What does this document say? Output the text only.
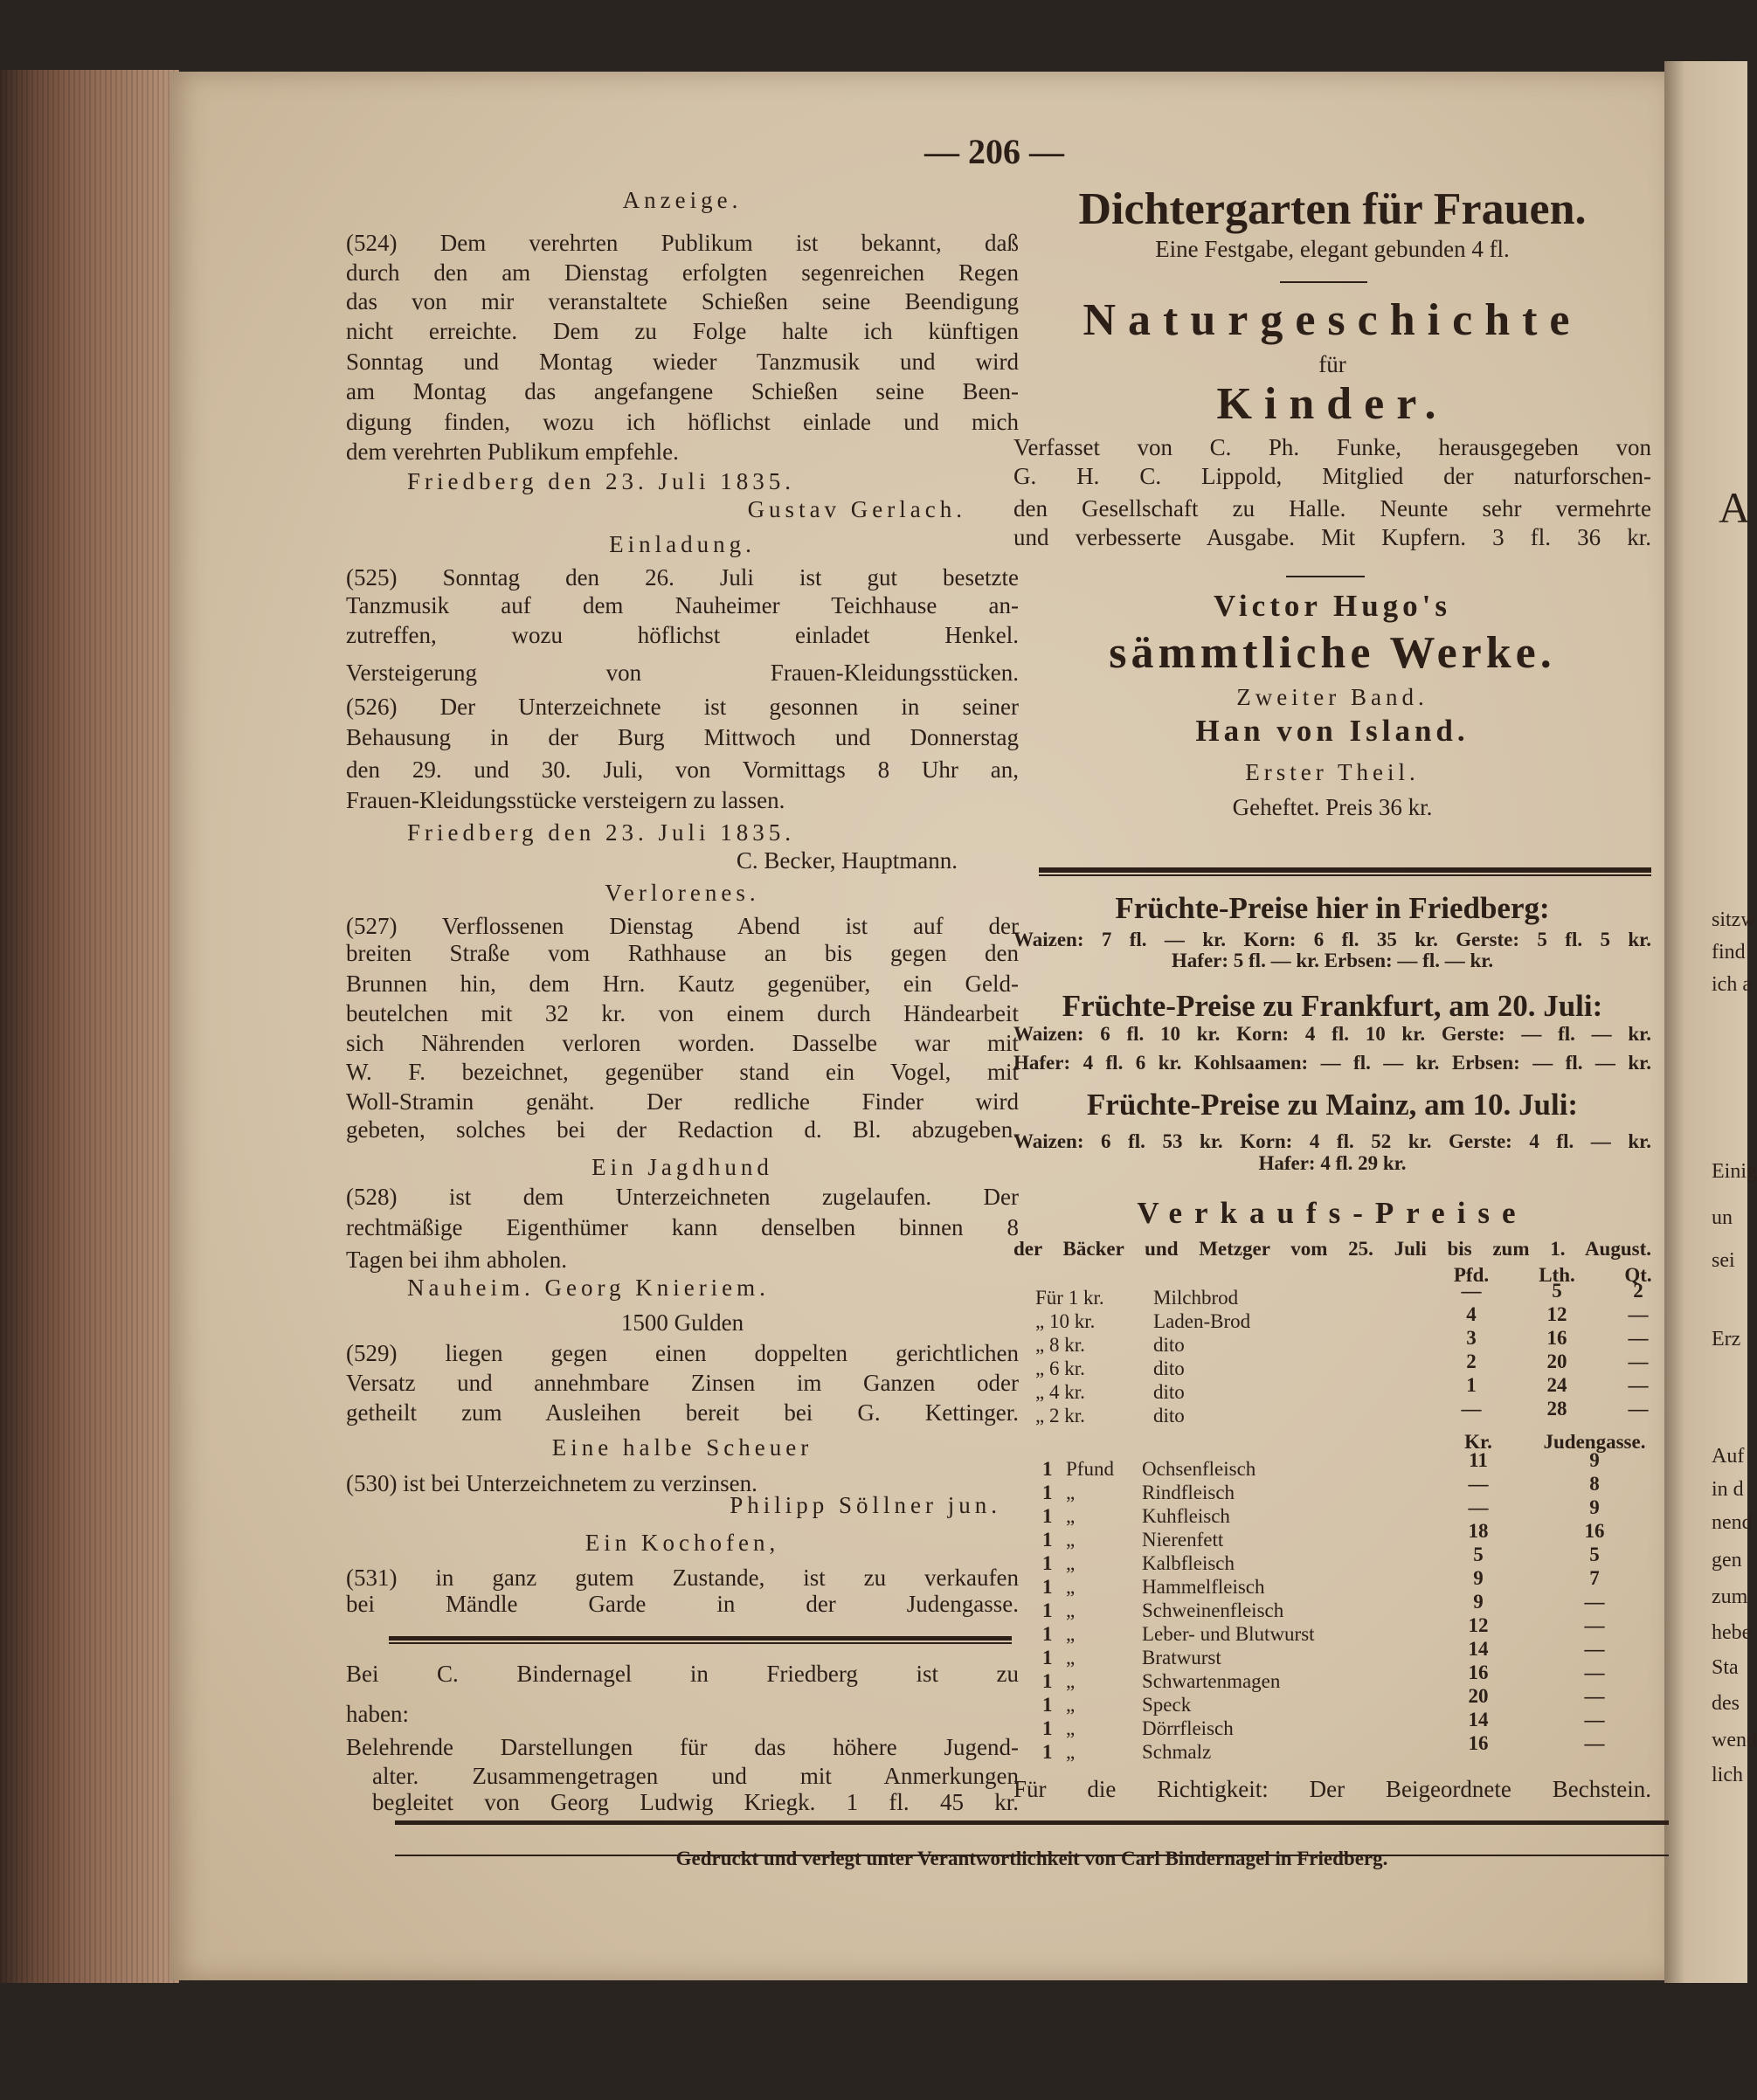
A
sitzw
find
ich a
Einig
un
sei
Erz
Auf
in d
nend
gen
zum
hebe
Sta
des
wend
lich
— 206 —
Anzeige.
(524) Dem verehrten Publikum ist bekannt, daß
durch den am Dienstag erfolgten segenreichen Regen
das von mir veranstaltete Schießen seine Beendigung
nicht erreichte. Dem zu Folge halte ich künftigen
Sonntag und Montag wieder Tanzmusik und wird
am Montag das angefangene Schießen seine Been-
digung finden, wozu ich höflichst einlade und mich
dem verehrten Publikum empfehle.
Friedberg den 23. Juli 1835.
Gustav Gerlach.
Einladung.
(525) Sonntag den 26. Juli ist gut besetzte
Tanzmusik auf dem Nauheimer Teichhause an-
zutreffen, wozu höflichst einladet Henkel.
Versteigerung von Frauen-Kleidungsstücken.
(526) Der Unterzeichnete ist gesonnen in seiner
Behausung in der Burg Mittwoch und Donnerstag
den 29. und 30. Juli, von Vormittags 8 Uhr an,
Frauen-Kleidungsstücke versteigern zu lassen.
Friedberg den 23. Juli 1835.
C. Becker, Hauptmann.
Verlorenes.
(527) Verflossenen Dienstag Abend ist auf der
breiten Straße vom Rathhause an bis gegen den
Brunnen hin, dem Hrn. Kautz gegenüber, ein Geld-
beutelchen mit 32 kr. von einem durch Händearbeit
sich Nährenden verloren worden. Dasselbe war mit
W. F. bezeichnet, gegenüber stand ein Vogel, mit
Woll-Stramin genäht. Der redliche Finder wird
gebeten, solches bei der Redaction d. Bl. abzugeben.
Ein Jagdhund
(528) ist dem Unterzeichneten zugelaufen. Der
rechtmäßige Eigenthümer kann denselben binnen 8
Tagen bei ihm abholen.
Nauheim. Georg Knieriem.
1500 Gulden
(529) liegen gegen einen doppelten gerichtlichen
Versatz und annehmbare Zinsen im Ganzen oder
getheilt zum Ausleihen bereit bei G. Kettinger.
Eine halbe Scheuer
(530) ist bei Unterzeichnetem zu verzinsen.
Philipp Söllner jun.
Ein Kochofen,
(531) in ganz gutem Zustande, ist zu verkaufen
bei Mändle Garde in der Judengasse.
Bei C. Bindernagel in Friedberg ist zu
haben:
Belehrende Darstellungen für das höhere Jugend-
alter. Zusammengetragen und mit Anmerkungen
begleitet von Georg Ludwig Kriegk. 1 fl. 45 kr.
Dichtergarten für Frauen.
Eine Festgabe, elegant gebunden 4 fl.
Naturgeschichte
für
Kinder.
Verfasset von C. Ph. Funke, herausgegeben von
G. H. C. Lippold, Mitglied der naturforschen-
den Gesellschaft zu Halle. Neunte sehr vermehrte
und verbesserte Ausgabe. Mit Kupfern. 3 fl. 36 kr.
Victor Hugo's
sämmtliche Werke.
Zweiter Band.
Han von Island.
Erster Theil.
Geheftet. Preis 36 kr.
Früchte-Preise hier in Friedberg:
Waizen: 7 fl. — kr. Korn: 6 fl. 35 kr. Gerste: 5 fl. 5 kr.
Hafer: 5 fl. — kr. Erbsen: — fl. — kr.
Früchte-Preise zu Frankfurt, am 20. Juli:
Waizen: 6 fl. 10 kr. Korn: 4 fl. 10 kr. Gerste: — fl. — kr.
Hafer: 4 fl. 6 kr. Kohlsaamen: — fl. — kr. Erbsen: — fl. — kr.
Früchte-Preise zu Mainz, am 10. Juli:
Waizen: 6 fl. 53 kr. Korn: 4 fl. 52 kr. Gerste: 4 fl. — kr.
Hafer: 4 fl. 29 kr.
Verkaufs-Preise
der Bäcker und Metzger vom 25. Juli bis zum 1. August.
Für die Richtigkeit: Der Beigeordnete Bechstein.
Pfd.	Lth.	Qt.
Für 1 kr. Milchbrod	—	5	2
„ 10 kr.	Laden-Brod	4	12	—
„ 8 kr.	dito	3	16	—
„ 6 kr.	dito	2	20	—
„ 4 kr.	dito	1	24	—
„ 2 kr.	dito	—	28	—
Kr.	Judengasse.
1 Pfund Ochsenfleisch	11	9
1 „	Rindfleisch	—	8
1 „	Kuhfleisch	—	9
1 „	Nierenfett	18	16
1 „	Kalbfleisch	5	5
1 „	Hammelfleisch	9	7
1 „	Schweinenfleisch	9	—
1 „	Leber- und Blutwurst	12	—
1 „	Bratwurst	14	—
1 „	Schwartenmagen	16	—
1 „	Speck	20	—
1 „	Dörrfleisch	14	—
1 „	Schmalz	16	—
Gedruckt und verlegt unter Verantwortlichkeit von Carl Bindernagel in Friedberg.
